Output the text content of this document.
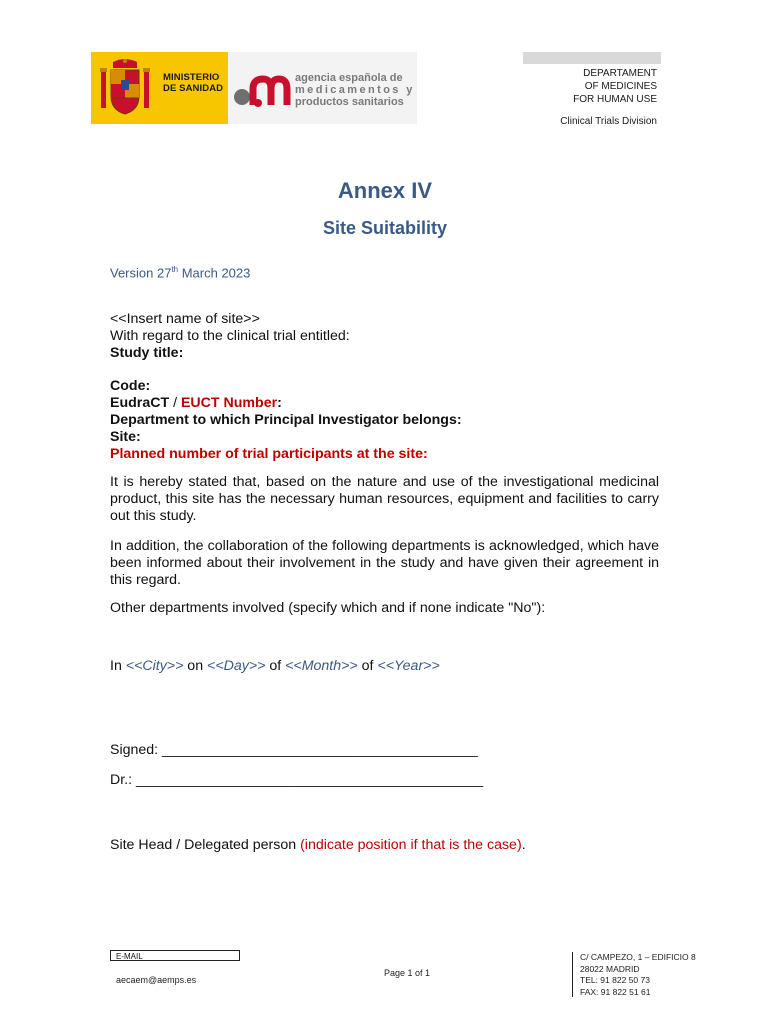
MINISTERIO
DE SANIDAD
agencia española de
medicamentos y
productos sanitarios
DEPARTAMENT
OF MEDICINES
FOR HUMAN USE
Clinical Trials Division
Annex IV
Site Suitability
Version 27th March 2023
<<Insert name of site>>
With regard to the clinical trial entitled:
Study title:
Code:
EudraCT / EUCT Number:
Department to which Principal Investigator belongs:
Site:
Planned number of trial participants at the site:
It is hereby stated that, based on the nature and use of the investigational medicinal product, this site has the necessary human resources, equipment and facilities to carry out this study.
In addition, the collaboration of the following departments is acknowledged, which have been informed about their involvement in the study and have given their agreement in this regard.
Other departments involved (specify which and if none indicate "No"):
In <<City>> on <<Day>> of <<Month>> of <<Year>>
Signed: ________________________________________
Dr.: ____________________________________________
Site Head / Delegated person (indicate position if that is the case).
E-MAIL
aecaem@aemps.es
Page 1 of 1
C/ CAMPEZO, 1 – EDIFICIO 8
28022 MADRID
TEL: 91 822 50 73
FAX: 91 822 51 61
